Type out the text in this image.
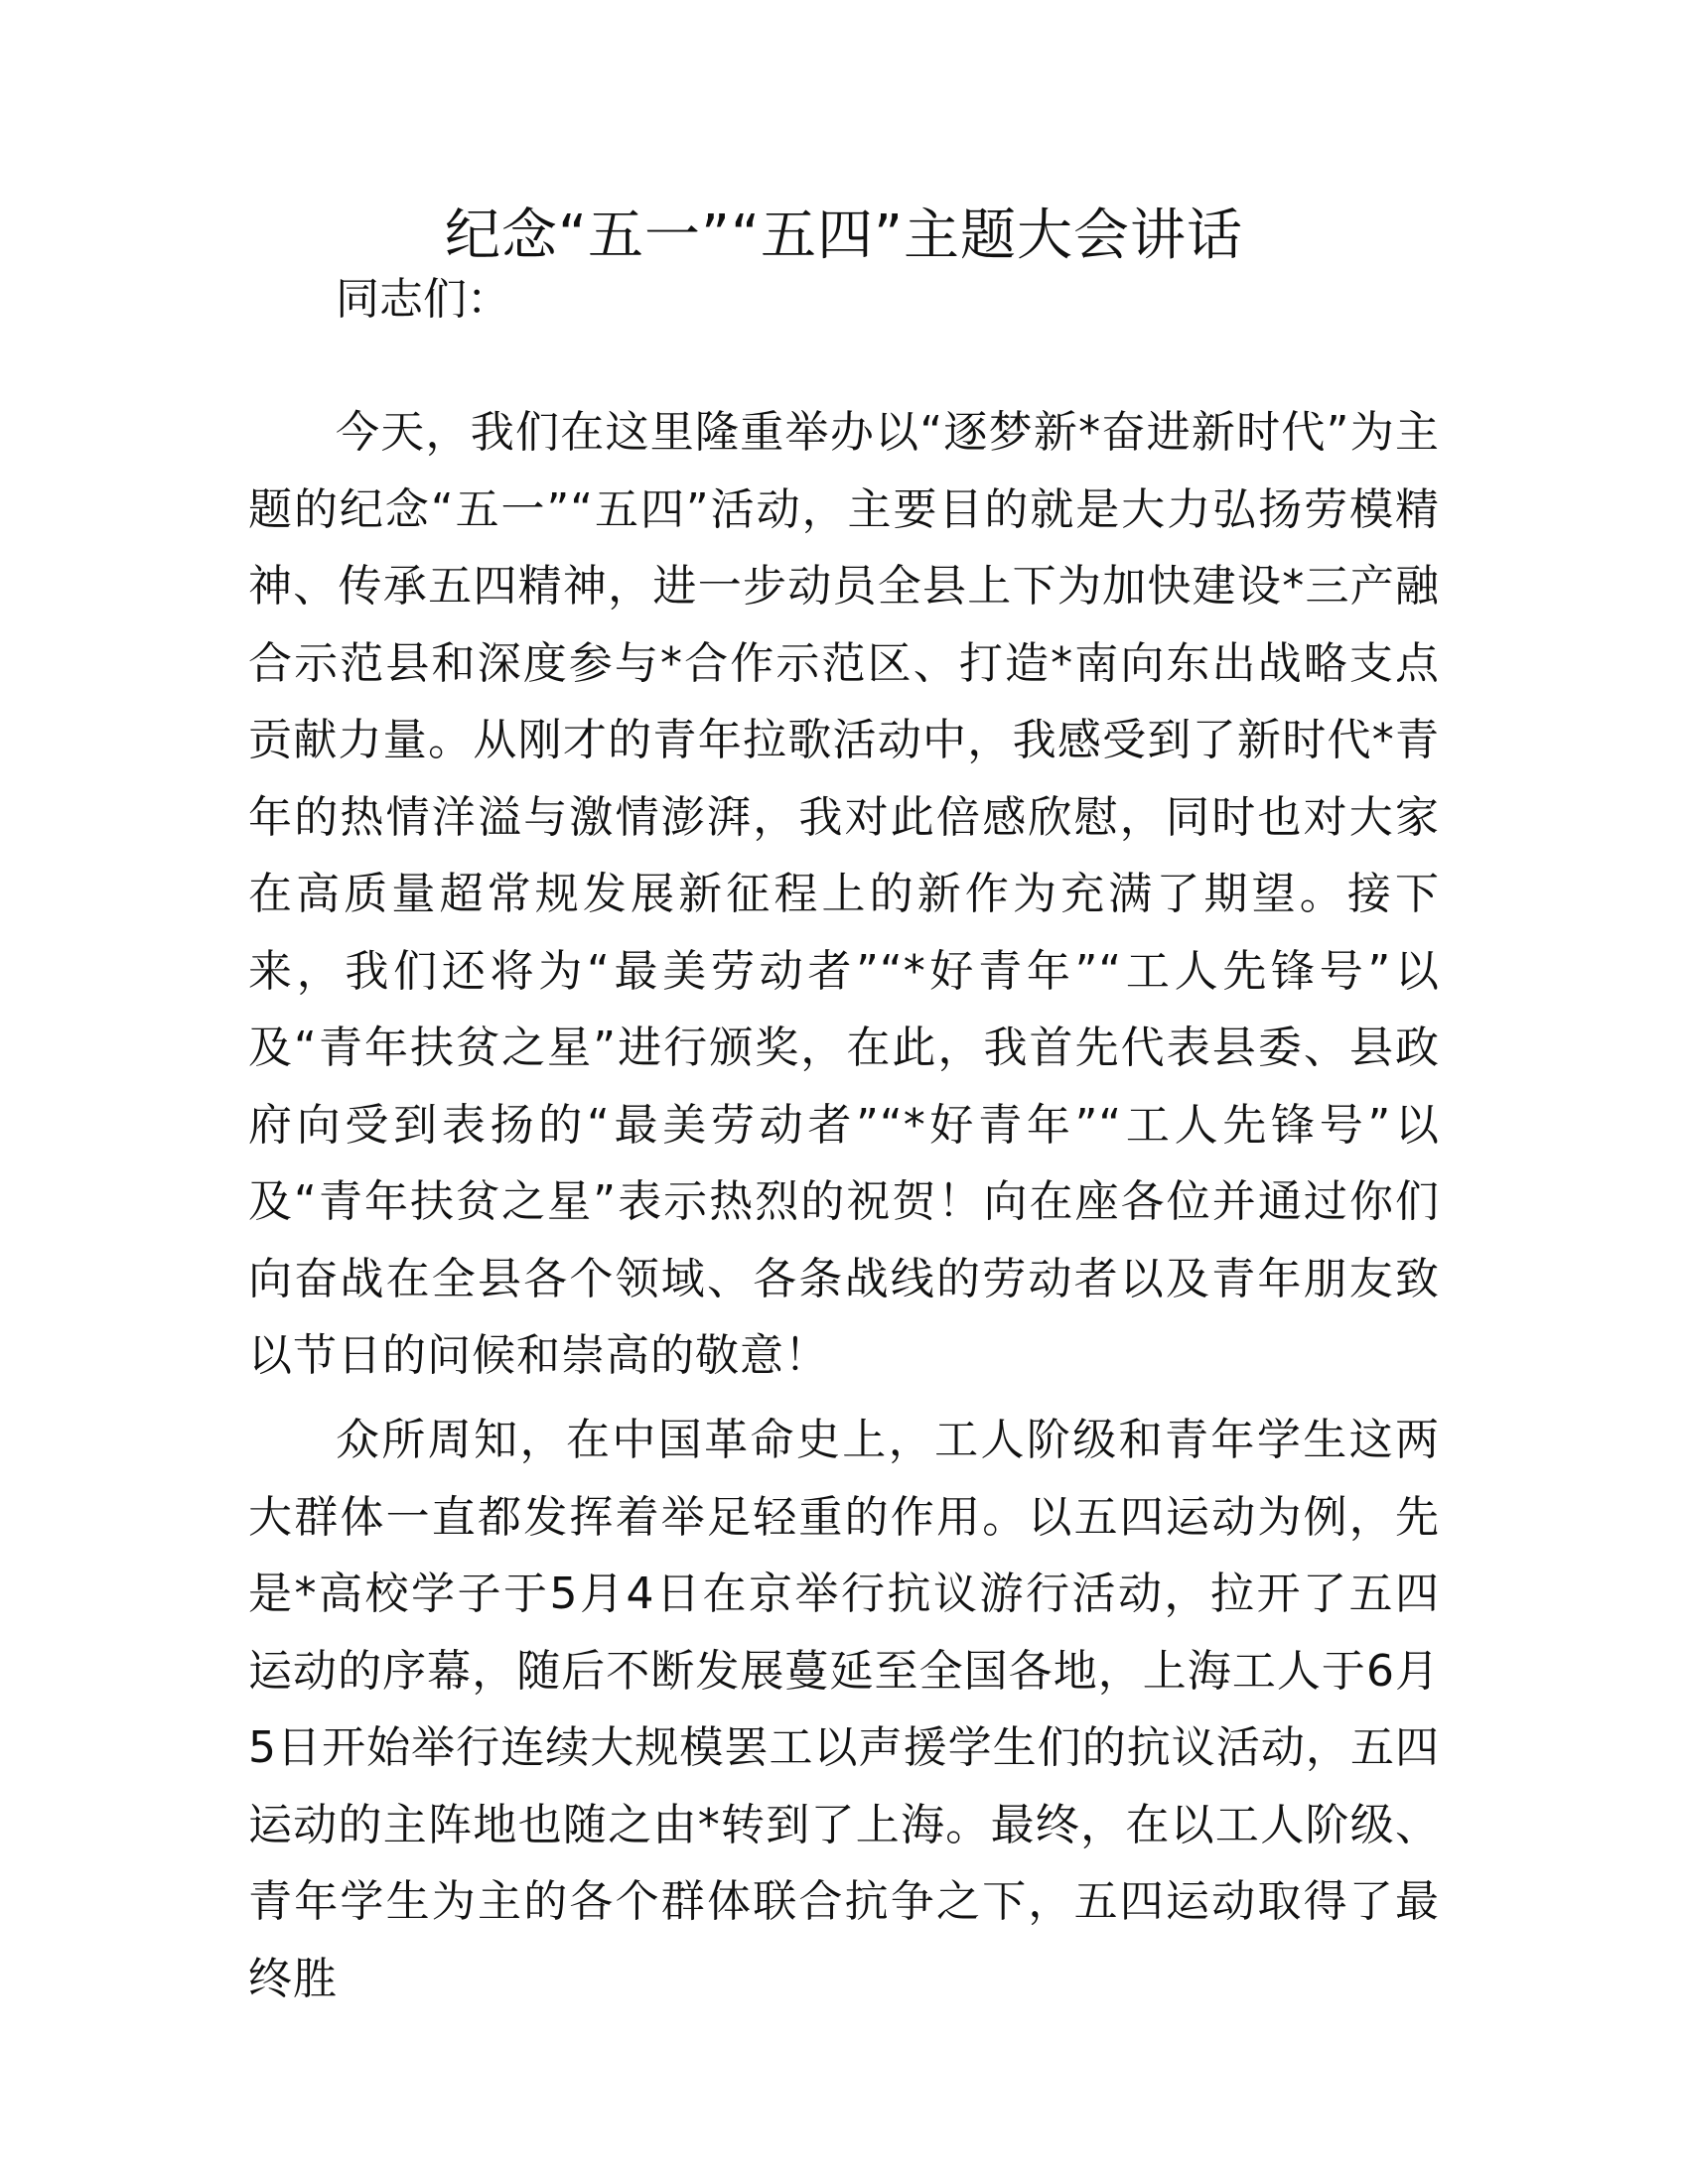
纪念“五一”“五四”主题大会讲话

同志们：

今天，我们在这里隆重举办以“逐梦新*奋进新时代”为主题的纪念“五一”“五四”活动，主要目的就是大力弘扬劳模精神、传承五四精神，进一步动员全县上下为加快建设*三产融合示范县和深度参与*合作示范区、打造*南向东出战略支点贡献力量。从刚才的青年拉歌活动中，我感受到了新时代*青年的热情洋溢与激情澎湃，我对此倍感欣慰，同时也对大家在高质量超常规发展新征程上的新作为充满了期望。接下来，我们还将为“最美劳动者”“*好青年”“工人先锋号”以及“青年扶贫之星”进行颁奖，在此，我首先代表县委、县政府向受到表扬的“最美劳动者”“*好青年”“工人先锋号”以及“青年扶贫之星”表示热烈的祝贺！向在座各位并通过你们向奋战在全县各个领域、各条战线的劳动者以及青年朋友致以节日的问候和崇高的敬意！

众所周知，在中国革命史上，工人阶级和青年学生这两大群体一直都发挥着举足轻重的作用。以五四运动为例，先是*高校学子于5月4日在京举行抗议游行活动，拉开了五四运动的序幕，随后不断发展蔓延至全国各地，上海工人于6月5日开始举行连续大规模罢工以声援学生们的抗议活动，五四运动的主阵地也随之由*转到了上海。最终，在以工人阶级、青年学生为主的各个群体联合抗争之下，五四运动取得了最终胜
